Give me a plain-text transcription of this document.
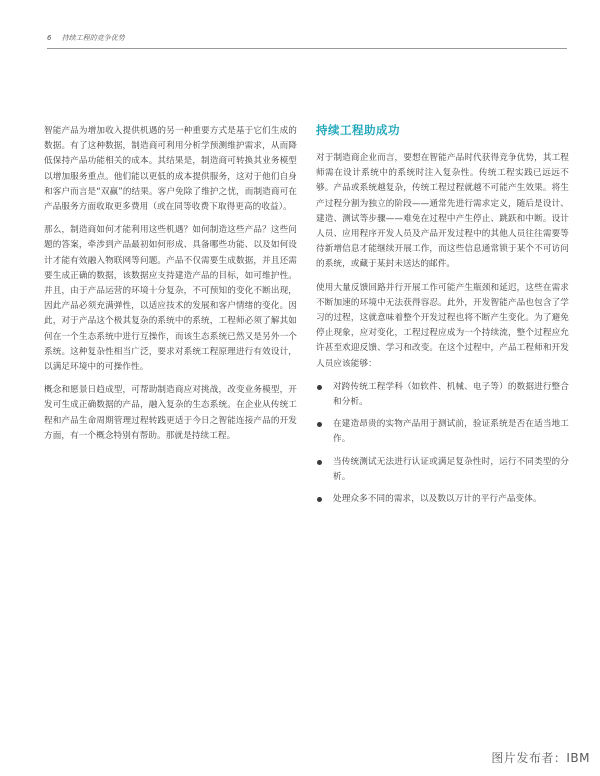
6 持续工程的竞争优势

智能产品为增加收入提供机遇的另一种重要方式是基于它们生成的数据。有了这种数据，制造商可利用分析学预测维护需求，从而降低保持产品功能相关的成本。其结果是，制造商可转换其业务模型以增加服务重点。他们能以更低的成本提供服务，这对于他们自身和客户而言是“双赢”的结果。客户免除了维护之忧，而制造商可在产品服务方面收取更多费用（或在同等收费下取得更高的收益）。

那么，制造商如何才能利用这些机遇？如何制造这些产品？这些问题的答案，牵涉到产品最初如何形成、具备哪些功能、以及如何设计才能有效融入物联网等问题。产品不仅需要生成数据，并且还需要生成正确的数据，该数据应支持建造产品的目标，如可维护性。并且，由于产品运营的环境十分复杂，不可预知的变化不断出现，因此产品必须充满弹性，以适应技术的发展和客户情绪的变化。因此，对于产品这个极其复杂的系统中的系统，工程师必须了解其如何在一个生态系统中进行互操作，而该生态系统已然又是另外一个系统。这种复杂性相当广泛，要求对系统工程原理进行有效设计，以满足环境中的可操作性。

概念和愿景日趋成型，可帮助制造商应对挑战，改变业务模型，开发可生成正确数据的产品，融入复杂的生态系统。在企业从传统工程和产品生命周期管理过程转践更适于今日之智能连接产品的开发方面，有一个概念特别有帮助。那就是持续工程。

持续工程助成功

对于制造商企业而言，要想在智能产品时代获得竞争优势，其工程师需在设计系统中的系统时注入复杂性。传统工程实践已远远不够。产品或系统越复杂，传统工程过程就越不可能产生效果。将生产过程分割为独立的阶段——通常先进行需求定义，随后是设计、建造、测试等步骤——难免在过程中产生停止、跳跃和中断。设计人员、应用程序开发人员及产品开发过程中的其他人员往往需要等待新增信息才能继续开展工作，而这些信息通常锁于某个不可访问的系统，或藏于某封未送达的邮件。

使用大量反馈回路并行开展工作可能产生瓶颈和延迟，这些在需求不断加速的环境中无法获得容忍。此外，开发智能产品也包含了学习的过程，这就意味着整个开发过程也将不断产生变化。为了避免停止现象，应对变化，工程过程应成为一个持续流，整个过程应允许甚至欢迎反馈、学习和改变。在这个过程中，产品工程师和开发人员应该能够：

对跨传统工程学科（如软件、机械、电子等）的数据进行整合和分析。
在建造昂贵的实物产品用于测试前，验证系统是否在适当地工作。
当传统测试无法进行认证或满足复杂性时，运行不同类型的分析。
处理众多不同的需求，以及数以万计的平行产品变体。
图片发布者：IBM
